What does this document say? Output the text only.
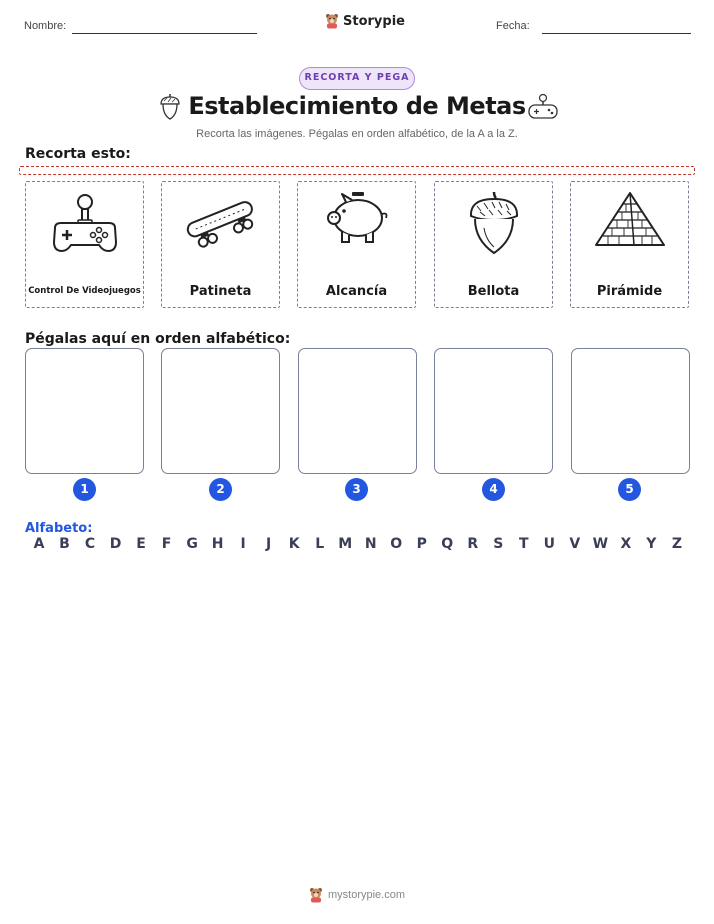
Nombre:	Storypie	Fecha:
RECORTA Y PEGA
Establecimiento de Metas
Recorta las imágenes. Pégalas en orden alfabético, de la A a la Z.
Recorta esto:
Control De Videojuegos	Patineta	Alcancía	Bellota	Pirámide
Pégalas aquí en orden alfabético:
1	2	3	4	5
Alfabeto:
A B C D E F G H	I	J	K L M N O P Q R S T U V W X Y Z
mystorypie.com
